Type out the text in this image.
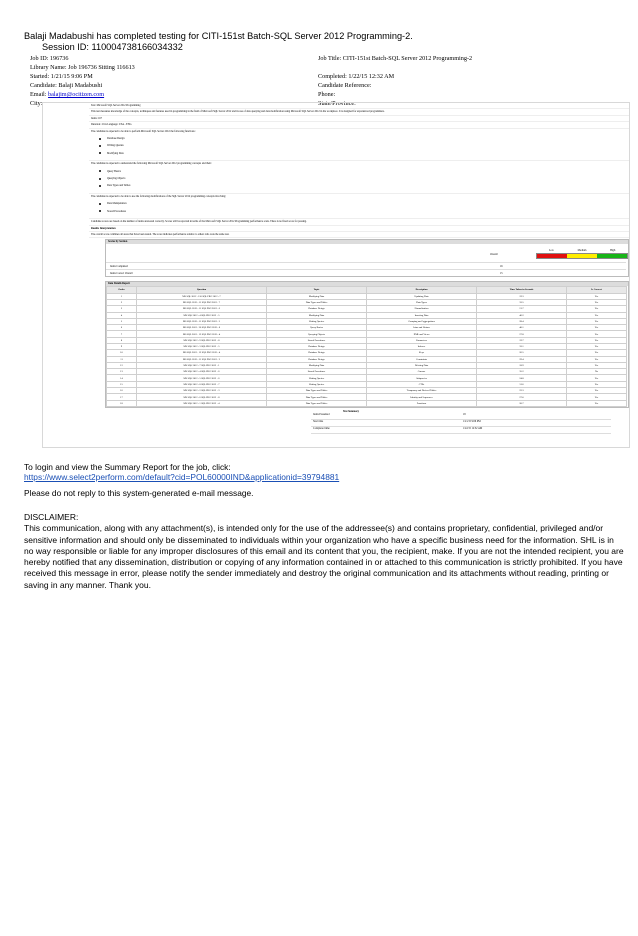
Balaji Madabushi has completed testing for CITI-151st Batch-SQL Server 2012 Programming-2.
Session ID: 110004738166034332
Job ID: 196736	Job Title: CITI-151st Batch-SQL Server 2012 Programming-2
Library Name: Job 196736 Sitting 116613
Started: 1/21/15 9:06 PM	Completed: 1/22/15 12:32 AM
Candidate: Balaji Madabushi	Candidate Reference:
Email: balajim@ocitizen.com	Phone:
City:	State/Province:
Test: Microsoft SQL Server 2012 Programming
This test measures knowledge of the concepts, techniques and features used in programming in the field of Microsoft SQL Server 2012 and its use of data querying and data modification using Microsoft SQL Server 2012 in the workplace. It is designed for experienced programmers.
Items: 167
Duration: 2 hrs Language: USA - ENG
The candidate is expected to be able to perform Microsoft SQL Server 2012 the following functions:
Database Design
Writing Queries
Modifying Data
The candidate is expected to understand the following Microsoft SQL Server 2012 programming concepts and their:
Query Basics
Querying Objects
Data Types and Tables
The candidate is expected to be able to use the following modifications of the SQL Server 2012 programming concepts involving:
Data Manipulation
Stored Procedures
Candidate scores are based on the number of items answered correctly. Scores will be reported in terms of the Microsoft SQL Server 2012 Programming performance scale. There is no fixed score for passing.
Results Interpretation
The overall score combines all areas that have been tested. The score indicates performance relative to others who took the same test.
Scores by Section
Overall
Low	Medium	High
Items Completed	16
Items Correct Overall	15
Item Details Report
Order	Question	Topic	Description	Time Taken in Seconds	Is Correct
1	MS SQL 2012 - 110 SQL PRG 2012 - 7	Modifying Data	Updating Data	19.3	Yes
2	MS SQL 2012 - 11 SQL PRG 2012 - 7	Data Types and Tables	Data Types	33.5	Yes
3	MS SQL 2012 - 11 SQL PRG 2012 - 6	Database Design	Normalization	21.7	Yes
4	MS SQL 2012 - 4 SQL PRG 2012 - 5	Modifying Data	Inserting Data	46.2	Yes
5	MS SQL 2012 - 11 SQL PRG 2012 - 3	Writing Queries	Grouping and Aggregations	28.4	Yes
6	MS SQL 2012 - 26 SQL PRG 2012 - 6	Query Basics	Joins and Unions	40.1	Yes
7	MS SQL 2012 - 13 SQL PRG 2012 - 4	Querying Objects	XML and Views	27.8	Yes
8	MS SQL 2012 - 9 SQL PRG 2012 - 8	Stored Procedures	Parameters	19.7	Yes
9	MS SQL 2012 - 3 SQL PRG 2012 - 5	Database Design	Indexes	33.1	Yes
10	MS SQL 2012 - 12 SQL PRG 2012 - 4	Database Design	Keys	26.5	Yes
11	MS SQL 2012 - 11 SQL PRG 2012 - 2	Database Design	Constraints	29.4	Yes
12	MS SQL 2012 - 7 SQL PRG 2012 - 1	Modifying Data	Deleting Data	18.9	Yes
13	MS SQL 2012 - 4 SQL PRG 2012 - 6	Stored Procedures	Cursors	35.2	No
14	MS SQL 2012 - 5 SQL PRG 2012 - 6	Writing Queries	Subqueries	24.8	Yes
15	MS SQL 2012 - 8 SQL PRG 2012 - 7	Writing Queries	CTEs	31.6	Yes
16	MS SQL 2012 - 2 SQL PRG 2012 - 3	Data Types and Tables	Temporary and Derived Tables	22.3	Yes
17	MS SQL 2012 - 6 SQL PRG 2012 - 8	Data Types and Tables	Identity and Sequences	27.0	Yes
18	MS SQL 2012 - 1 SQL PRG 2012 - 4	Data Types and Tables	Functions	20.7	Yes
Test Summary
Items Presented	18
Start time	1/21/15 9:06 PM
Completed time	1/22/15 12:32 AM
To login and view the Summary Report for the job, click:
https://www.select2perform.com/default?cid=POL60000IND&applicationid=39794881
Please do not reply to this system-generated e-mail message.
DISCLAIMER:
This communication, along with any attachment(s), is intended only for the use of the addressee(s) and contains proprietary, confidential, privileged and/or sensitive information and should only be disseminated to individuals within your organization who have a specific business need for the information. SHL is in no way responsible or liable for any improper disclosures of this email and its content that you, the recipient, make. If you are not the intended recipient, you are hereby notified that any dissemination, distribution or copying of any information contained in or attached to this communication is strictly prohibited. If you have received this message in error, please notify the sender immediately and destroy the original communication and its attachments without reading, printing or saving in any manner. Thank you.
